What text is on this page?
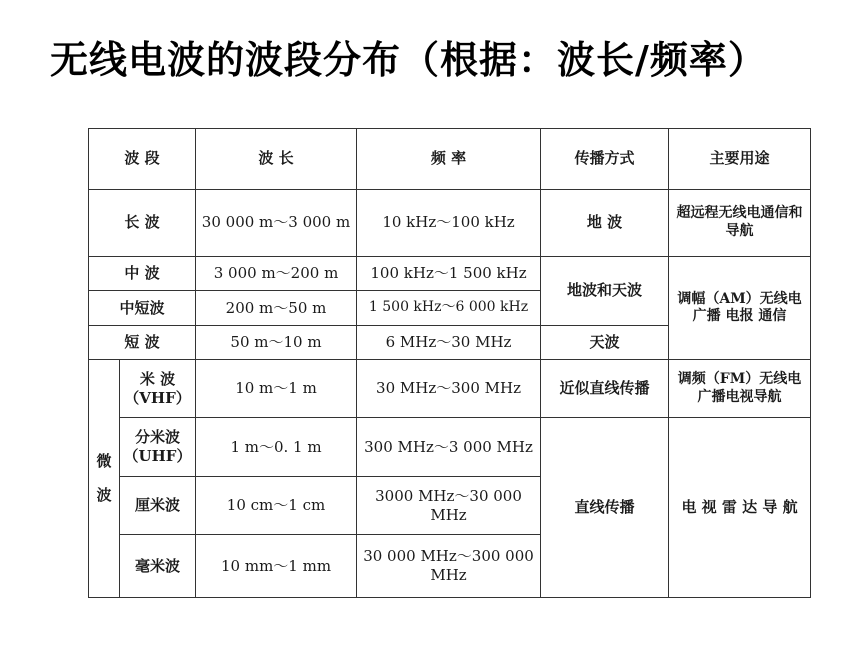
无线电波的波段分布（根据：波长/频率）
波 段		波 长	频 率	传播方式	主要用途
长 波		30 000 m～3 000 m	10 kHz～100 kHz	地 波	超远程无线电通信和导航
中 波		3 000 m～200 m	100 kHz～1 500 kHz	地波和天波	调幅（AM）无线电广播 电报 通信
中短波		200 m～50 m	1 500 kHz～6 000 kHz		
短 波		50 m～10 m	6 MHz～30 MHz	天波	
微 波	米 波（VHF）	10 m～1 m	30 MHz～300 MHz	近似直线传播	调频（FM）无线电广播电视导航
	分米波（UHF）	1 m～0. 1 m	300 MHz～3 000 MHz	直线传播	电 视 雷 达 导 航
	厘米波	10 cm～1 cm	3000 MHz～30 000 MHz		
	毫米波	10 mm～1 mm	30 000 MHz～300 000 MHz		
